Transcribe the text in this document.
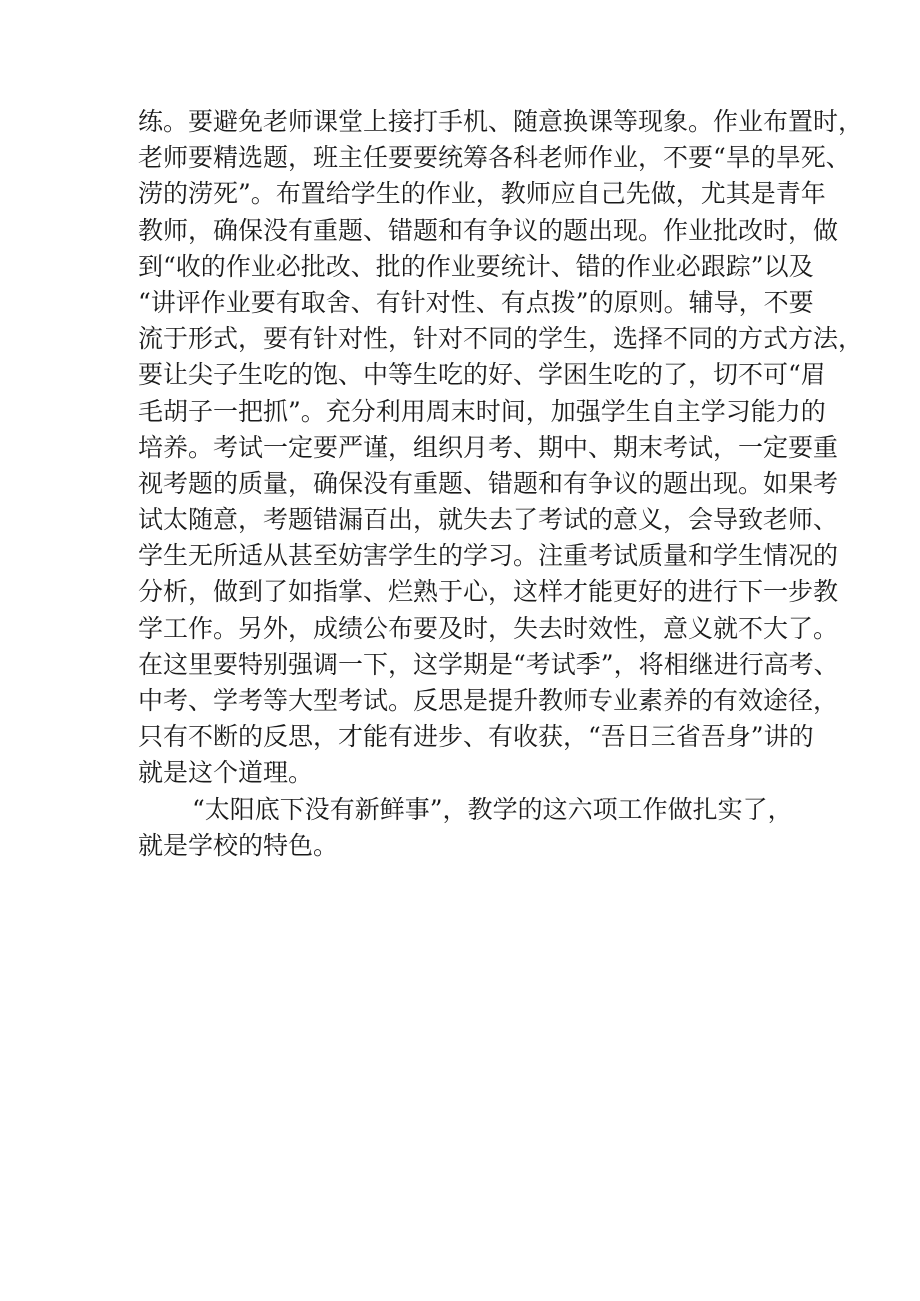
练。要避免老师课堂上接打手机、随意换课等现象。作业布置时，
老师要精选题，班主任要要统筹各科老师作业，不要“旱的旱死、
涝的涝死”。布置给学生的作业，教师应自己先做，尤其是青年
教师，确保没有重题、错题和有争议的题出现。作业批改时，做
到“收的作业必批改、批的作业要统计、错的作业必跟踪”以及
“讲评作业要有取舍、有针对性、有点拨”的原则。辅导，不要
流于形式，要有针对性，针对不同的学生，选择不同的方式方法，
要让尖子生吃的饱、中等生吃的好、学困生吃的了，切不可“眉
毛胡子一把抓”。充分利用周末时间，加强学生自主学习能力的
培养。考试一定要严谨，组织月考、期中、期末考试，一定要重
视考题的质量，确保没有重题、错题和有争议的题出现。如果考
试太随意，考题错漏百出，就失去了考试的意义，会导致老师、
学生无所适从甚至妨害学生的学习。注重考试质量和学生情况的
分析，做到了如指掌、烂熟于心，这样才能更好的进行下一步教
学工作。另外，成绩公布要及时，失去时效性，意义就不大了。
在这里要特别强调一下，这学期是“考试季”，将相继进行高考、
中考、学考等大型考试。反思是提升教师专业素养的有效途径，
只有不断的反思，才能有进步、有收获，“吾日三省吾身”讲的
就是这个道理。
“太阳底下没有新鲜事”，教学的这六项工作做扎实了，
就是学校的特色。
